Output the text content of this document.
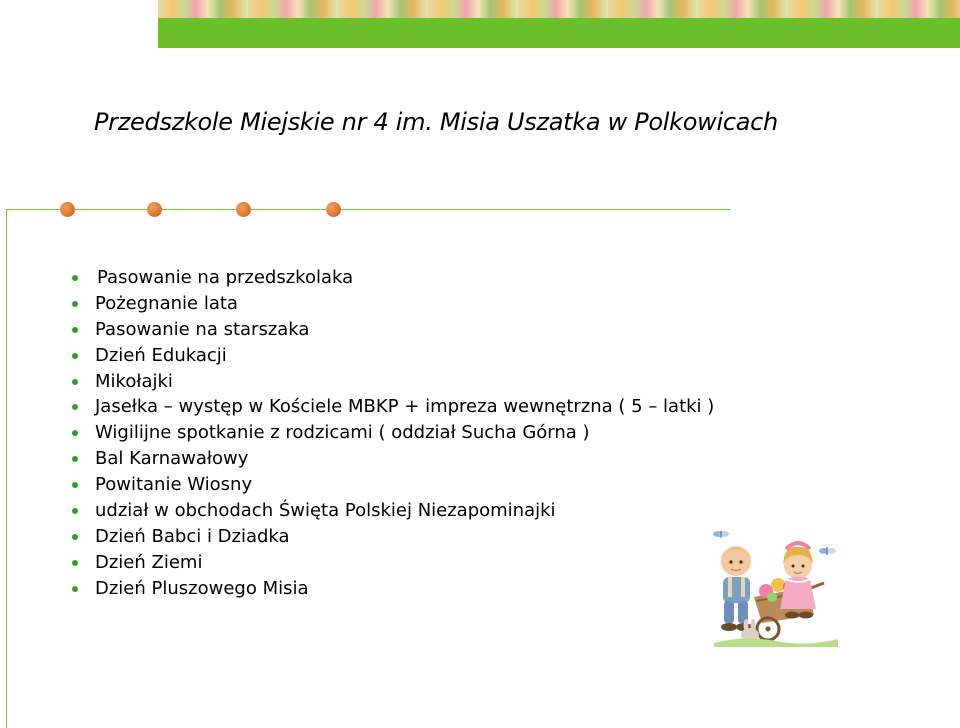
Przedszkole Miejskie nr 4 im. Misia Uszatka w Polkowicach
Pasowanie na przedszkolaka
Pożegnanie lata
Pasowanie na starszaka
Dzień Edukacji
Mikołajki
Jasełka – występ w Kościele MBKP + impreza wewnętrzna ( 5 – latki )
Wigilijne spotkanie z rodzicami ( oddział Sucha Górna )
Bal Karnawałowy
Powitanie Wiosny
udział w obchodach Święta Polskiej Niezapominajki
Dzień Babci i Dziadka
Dzień Ziemi
Dzień Pluszowego Misia
